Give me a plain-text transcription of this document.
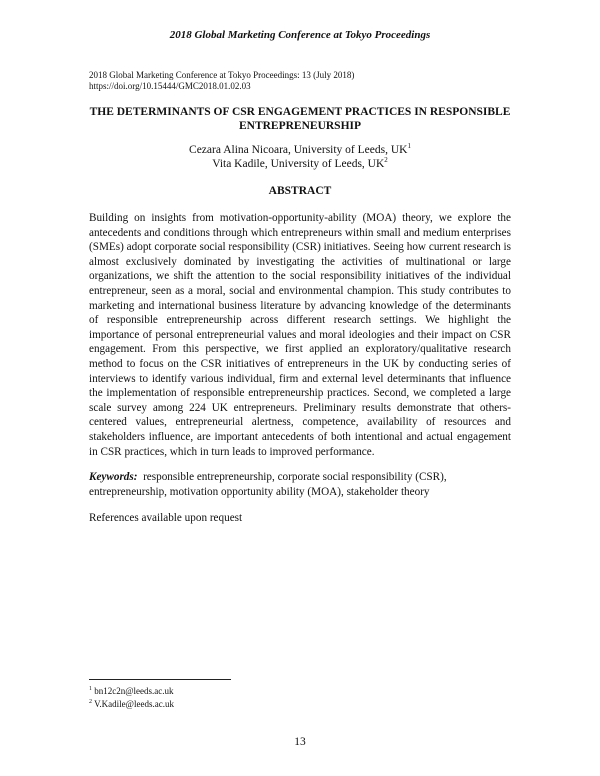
2018 Global Marketing Conference at Tokyo Proceedings
2018 Global Marketing Conference at Tokyo Proceedings: 13 (July 2018)
https://doi.org/10.15444/GMC2018.01.02.03
THE DETERMINANTS OF CSR ENGAGEMENT PRACTICES IN RESPONSIBLE ENTREPRENEURSHIP
Cezara Alina Nicoara, University of Leeds, $UK^1$
Vita Kadile, University of Leeds, $UK^2$
ABSTRACT
Building on insights from motivation-opportunity-ability (MOA) theory, we explore the antecedents and conditions through which entrepreneurs within small and medium enterprises (SMEs) adopt corporate social responsibility (CSR) initiatives. Seeing how current research is almost exclusively dominated by investigating the activities of multinational or large organizations, we shift the attention to the social responsibility initiatives of the individual entrepreneur, seen as a moral, social and environmental champion. This study contributes to marketing and international business literature by advancing knowledge of the determinants of responsible entrepreneurship across different research settings. We highlight the importance of personal entrepreneurial values and moral ideologies and their impact on CSR engagement. From this perspective, we first applied an exploratory/qualitative research method to focus on the CSR initiatives of entrepreneurs in the UK by conducting series of interviews to identify various individual, firm and external level determinants that influence the implementation of responsible entrepreneurship practices. Second, we completed a large scale survey among 224 UK entrepreneurs. Preliminary results demonstrate that others-centered values, entrepreneurial alertness, competence, availability of resources and stakeholders influence, are important antecedents of both intentional and actual engagement in CSR practices, which in turn leads to improved performance.
Keywords: responsible entrepreneurship, corporate social responsibility (CSR), entrepreneurship, motivation opportunity ability (MOA), stakeholder theory
References available upon request
$^1$ bn12c2n@leeds.ac.uk
$^2$ V.Kadile@leeds.ac.uk
13
